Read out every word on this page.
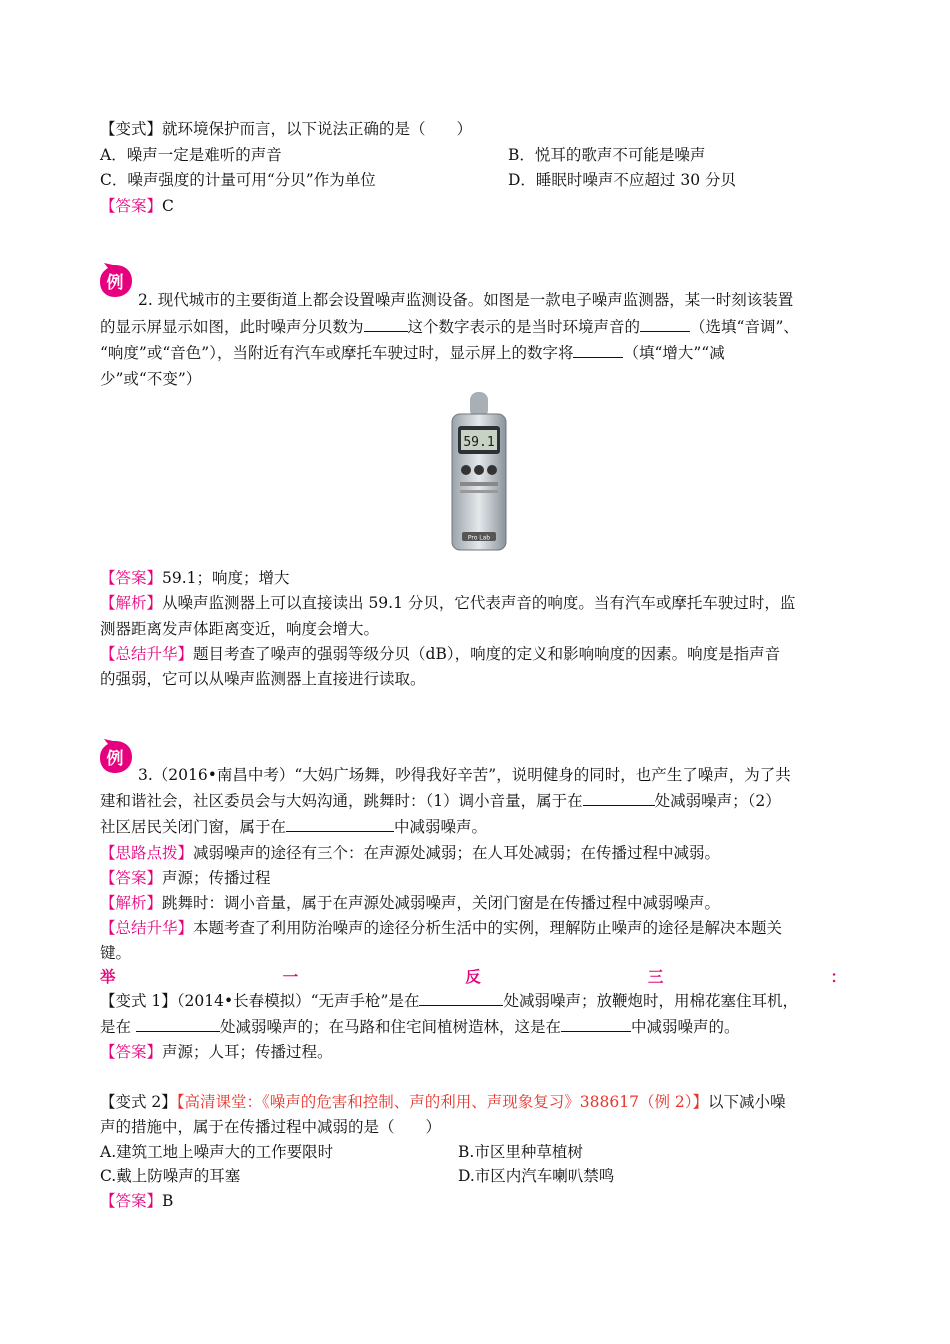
【变式】就环境保护而言，以下说法正确的是（　　）
A．噪声一定是难听的声音	B．悦耳的歌声不可能是噪声
C．噪声强度的计量可用“分贝”作为单位	D．睡眠时噪声不应超过 30 分贝
【答案】C
例
2. 现代城市的主要街道上都会设置噪声监测设备。如图是一款电子噪声监测器，某一时刻该装置
的显示屏显示如图，此时噪声分贝数为	这个数字表示的是当时环境声音的	（选填“音调”、
“响度”或“音色”），当附近有汽车或摩托车驶过时，显示屏上的数字将	（填“增大”“减
少”或“不变”）
59.1
Pro Lab
【答案】59.1；响度；增大
【解析】从噪声监测器上可以直接读出 59.1 分贝，它代表声音的响度。当有汽车或摩托车驶过时，监
测器距离发声体距离变近，响度会增大。
【总结升华】题目考查了噪声的强弱等级分贝（dB），响度的定义和影响响度的因素。响度是指声音
的强弱，它可以从噪声监测器上直接进行读取。
例
3.（2016•南昌中考）“大妈广场舞，吵得我好辛苦”，说明健身的同时，也产生了噪声，为了共
建和谐社会，社区委员会与大妈沟通，跳舞时：（1）调小音量，属于在	处减弱噪声；（2）
社区居民关闭门窗，属于在	中减弱噪声。
【思路点拨】减弱噪声的途径有三个：在声源处减弱；在人耳处减弱；在传播过程中减弱。
【答案】声源；传播过程
【解析】跳舞时：调小音量，属于在声源处减弱噪声，关闭门窗是在传播过程中减弱噪声。
【总结升华】本题考查了利用防治噪声的途径分析生活中的实例，理解防止噪声的途径是解决本题关
键。
举	一	反	三	：
【变式 1】（2014•长春模拟）“无声手枪”是在	处减弱噪声；放鞭炮时，用棉花塞住耳机，
是在	处减弱噪声的；在马路和住宅间植树造林，这是在	中减弱噪声的。
【答案】声源；人耳；传播过程。
【变式 2】【高清课堂：《噪声的危害和控制、声的利用、声现象复习》388617（例 2）】以下减小噪
声的措施中，属于在传播过程中减弱的是（　　）
A.建筑工地上噪声大的工作要限时	B.市区里种草植树
C.戴上防噪声的耳塞	D.市区内汽车喇叭禁鸣
【答案】B
